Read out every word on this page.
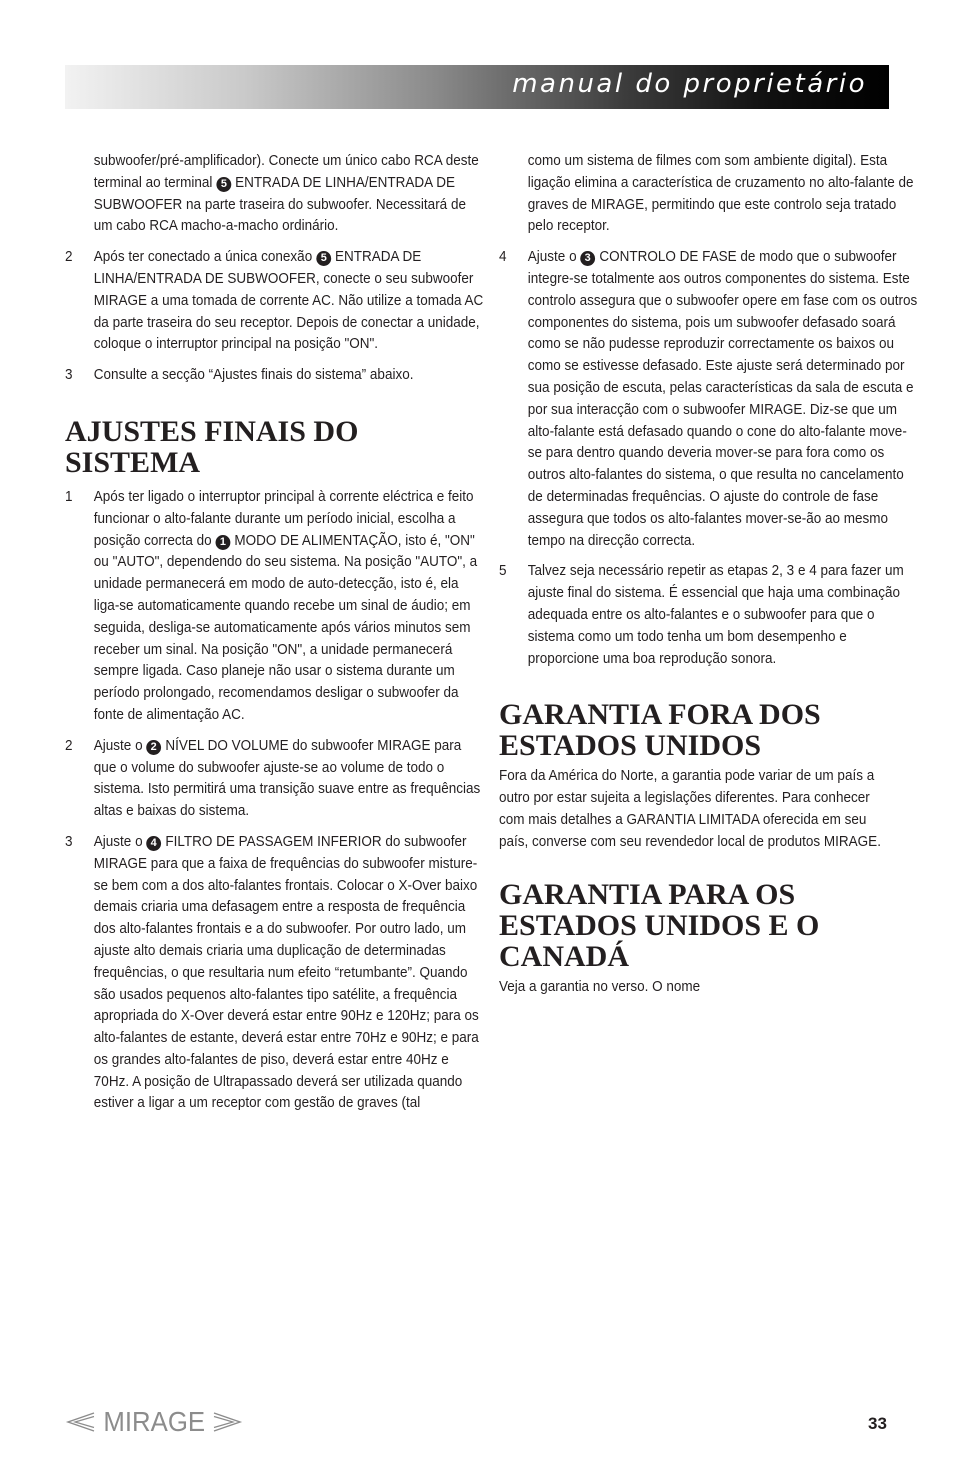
manual do proprietário

subwoofer/pré-amplificador). Conecte um único cabo RCA deste terminal ao terminal 5 ENTRADA DE LINHA/ENTRADA DE SUBWOOFER na parte traseira do subwoofer. Necessitará de um cabo RCA macho-a-macho ordinário.

2 Após ter conectado a única conexão 5 ENTRADA DE LINHA/ENTRADA DE SUBWOOFER, conecte o seu subwoofer MIRAGE a uma tomada de corrente AC. Não utilize a tomada AC da parte traseira do seu receptor. Depois de conectar a unidade, coloque o interruptor principal na posição "ON".
3 Consulte a secção “Ajustes finais do sistema” abaixo.
AJUSTES FINAIS DO SISTEMA
1 Após ter ligado o interruptor principal à corrente eléctrica e feito funcionar o alto-falante durante um período inicial, escolha a posição correcta do 1 MODO DE ALIMENTAÇÃO, isto é, "ON" ou "AUTO", dependendo do seu sistema. Na posição "AUTO", a unidade permanecerá em modo de auto-detecção, isto é, ela liga-se automaticamente quando recebe um sinal de áudio; em seguida, desliga-se automaticamente após vários minutos sem receber um sinal. Na posição "ON", a unidade permanecerá sempre ligada. Caso planeje não usar o sistema durante um período prolongado, recomendamos desligar o subwoofer da fonte de alimentação AC.
2 Ajuste o 2 NÍVEL DO VOLUME do subwoofer MIRAGE para que o volume do subwoofer ajuste-se ao volume de todo o sistema. Isto permitirá uma transição suave entre as frequências altas e baixas do sistema.
3 Ajuste o 4 FILTRO DE PASSAGEM INFERIOR do subwoofer MIRAGE para que a faixa de frequências do subwoofer misture-se bem com a dos alto-falantes frontais. Colocar o X-Over baixo demais criaria uma defasagem entre a resposta de frequência dos alto-falantes frontais e a do subwoofer. Por outro lado, um ajuste alto demais criaria uma duplicação de determinadas frequências, o que resultaria num efeito “retumbante”. Quando são usados pequenos alto-falantes tipo satélite, a frequência apropriada do X-Over deverá estar entre 90Hz e 120Hz; para os alto-falantes de estante, deverá estar entre 70Hz e 90Hz; e para os grandes alto-falantes de piso, deverá estar entre 40Hz e 70Hz. A posição de Ultrapassado deverá ser utilizada quando estiver a ligar a um receptor com gestão de graves (tal

como um sistema de filmes com som ambiente digital). Esta ligação elimina a característica de cruzamento no alto-falante de graves de MIRAGE, permitindo que este controlo seja tratado pelo receptor.

4 Ajuste o 3 CONTROLO DE FASE de modo que o subwoofer integre-se totalmente aos outros componentes do sistema. Este controlo assegura que o subwoofer opere em fase com os outros componentes do sistema, pois um subwoofer defasado soará como se não pudesse reproduzir correctamente os baixos ou como se estivesse defasado. Este ajuste será determinado por sua posição de escuta, pelas características da sala de escuta e por sua interacção com o subwoofer MIRAGE. Diz-se que um alto-falante está defasado quando o cone do alto-falante move-se para dentro quando deveria mover-se para fora como os outros alto-falantes do sistema, o que resulta no cancelamento de determinadas frequências. O ajuste do controle de fase assegura que todos os alto-falantes mover-se-ão ao mesmo tempo na direcção correcta.
5 Talvez seja necessário repetir as etapas 2, 3 e 4 para fazer um ajuste final do sistema. É essencial que haja uma combinação adequada entre os alto-falantes e o subwoofer para que o sistema como um todo tenha um bom desempenho e proporcione uma boa reprodução sonora.
GARANTIA FORA DOS ESTADOS UNIDOS

Fora da América do Norte, a garantia pode variar de um país a outro por estar sujeita a legislações diferentes. Para conhecer com mais detalhes a GARANTIA LIMITADA oferecida em seu país, converse com seu revendedor local de produtos MIRAGE.

GARANTIA PARA OS ESTADOS UNIDOS E O CANADÁ

Veja a garantia no verso. O nome

MIRAGE	33
